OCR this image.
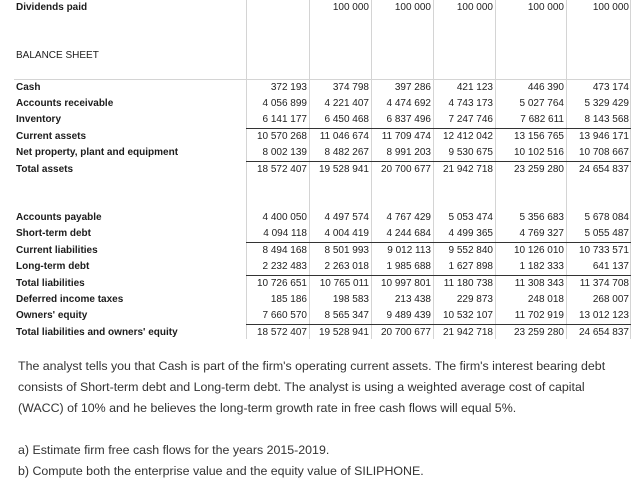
Dividends paid		100 000	100 000	100 000	100 000	100 000

BALANCE SHEET						

Cash	372 193	374 798	397 286	421 123	446 390	473 174
Accounts receivable	4 056 899	4 221 407	4 474 692	4 743 173	5 027 764	5 329 429
Inventory	6 141 177	6 450 468	6 837 496	7 247 746	7 682 611	8 143 568
Current assets	10 570 268	11 046 674	11 709 474	12 412 042	13 156 765	13 946 171
Net property, plant and equipment	8 002 139	8 482 267	8 991 203	9 530 675	10 102 516	10 708 667
Total assets	18 572 407	19 528 941	20 700 677	21 942 718	23 259 280	24 654 837

Accounts payable	4 400 050	4 497 574	4 767 429	5 053 474	5 356 683	5 678 084
Short-term debt	4 094 118	4 004 419	4 244 684	4 499 365	4 769 327	5 055 487
Current liabilities	8 494 168	8 501 993	9 012 113	9 552 840	10 126 010	10 733 571
Long-term debt	2 232 483	2 263 018	1 985 688	1 627 898	1 182 333	641 137
Total liabilities	10 726 651	10 765 011	10 997 801	11 180 738	11 308 343	11 374 708
Deferred income taxes	185 186	198 583	213 438	229 873	248 018	268 007
Owners' equity	7 660 570	8 565 347	9 489 439	10 532 107	11 702 919	13 012 123
Total liabilities and owners' equity	18 572 407	19 528 941	20 700 677	21 942 718	23 259 280	24 654 837

The analyst tells you that Cash is part of the firm's operating current assets. The firm's interest bearing debt consists of Short-term debt and Long-term debt. The analyst is using a weighted average cost of capital (WACC) of 10% and he believes the long-term growth rate in free cash flows will equal 5%.

a) Estimate firm free cash flows for the years 2015-2019.

b) Compute both the enterprise value and the equity value of SILIPHONE.
